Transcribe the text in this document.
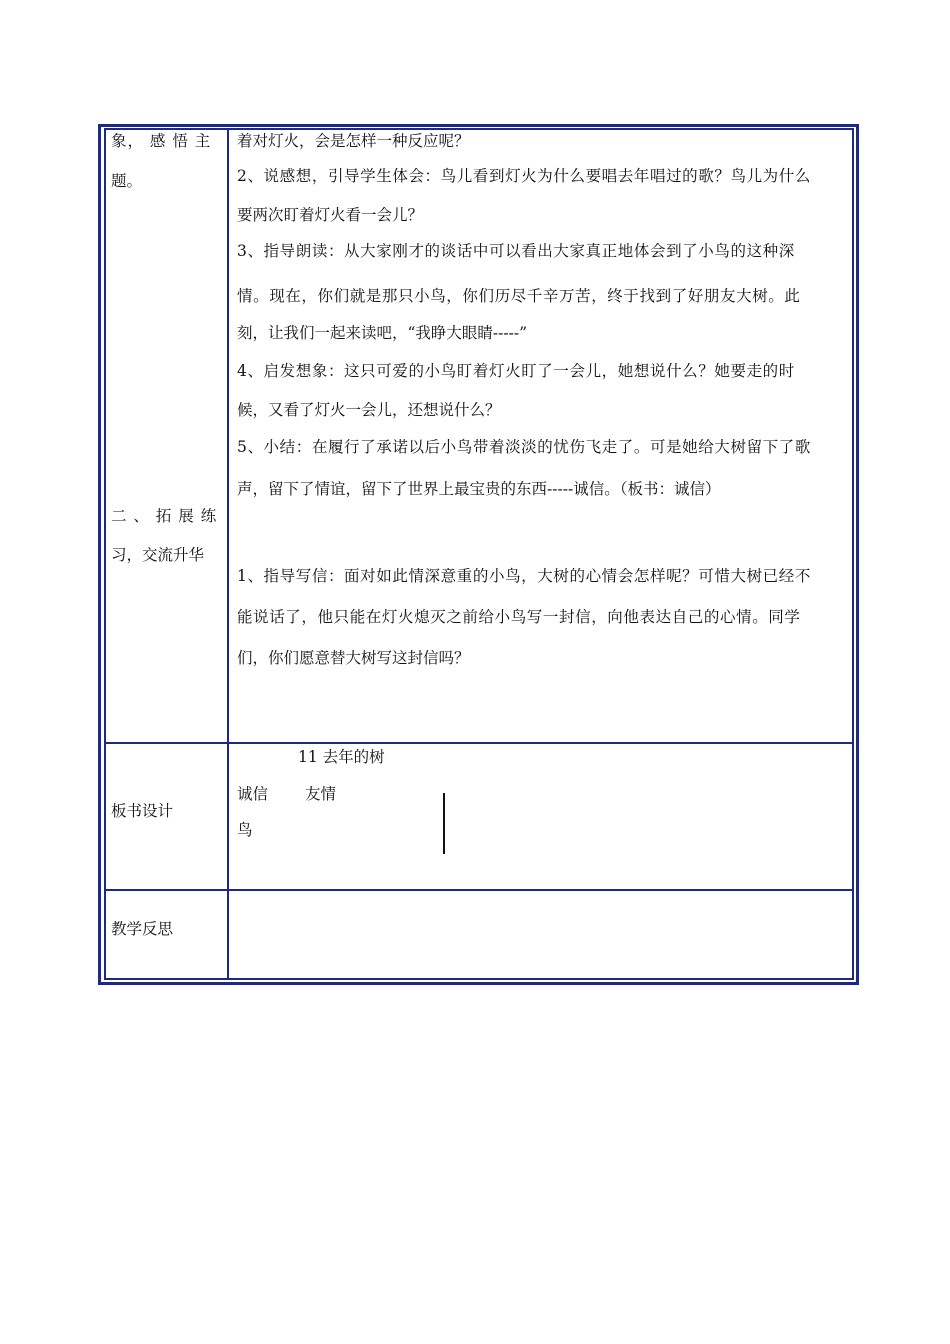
象， 感 悟 主
题。
二 、 拓 展 练
习，交流升华
着对灯火，会是怎样一种反应呢？
2、说感想，引导学生体会：鸟儿看到灯火为什么要唱去年唱过的歌？鸟儿为什么
要两次盯着灯火看一会儿？
3、指导朗读：从大家刚才的谈话中可以看出大家真正地体会到了小鸟的这种深
情。现在，你们就是那只小鸟，你们历尽千辛万苦，终于找到了好朋友大树。此
刻，让我们一起来读吧，“我睁大眼睛-----”
4、启发想象：这只可爱的小鸟盯着灯火盯了一会儿，她想说什么？她要走的时
候，又看了灯火一会儿，还想说什么？
5、小结：在履行了承诺以后小鸟带着淡淡的忧伤飞走了。可是她给大树留下了歌
声，留下了情谊，留下了世界上最宝贵的东西-----诚信。（板书：诚信）
1、指导写信：面对如此情深意重的小鸟，大树的心情会怎样呢？可惜大树已经不
能说话了，他只能在灯火熄灭之前给小鸟写一封信，向他表达自己的心情。同学
们，你们愿意替大树写这封信吗？
板书设计
11 去年的树
诚信 友情
鸟
教学反思
